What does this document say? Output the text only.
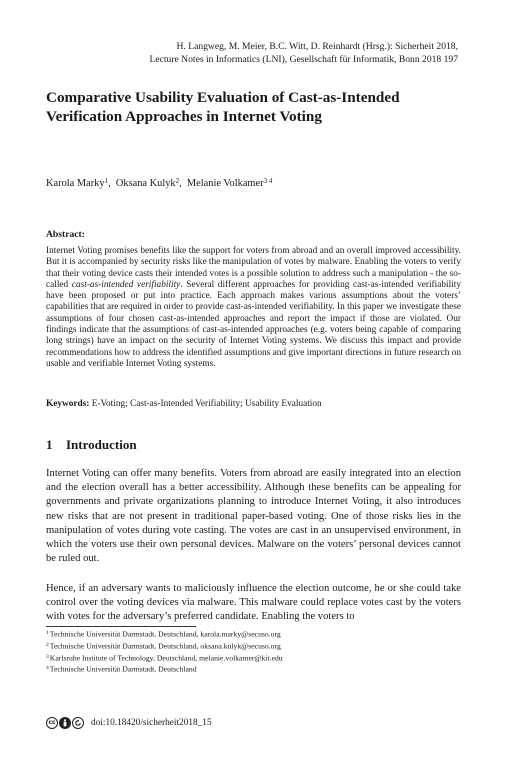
H. Langweg, M. Meier, B.C. Witt, D. Reinhardt (Hrsg.): Sicherheit 2018,
Lecture Notes in Informatics (LNI), Gesellschaft für Informatik, Bonn 2018 197
Comparative Usability Evaluation of Cast-as-Intended Verification Approaches in Internet Voting
Karola Marky$^1$,  Oksana Kulyk$^2$,  Melanie Volkamer$^{3 4}$
Abstract:
Internet Voting promises benefits like the support for voters from abroad and an overall improved accessibility. But it is accompanied by security risks like the manipulation of votes by malware. Enabling the voters to verify that their voting device casts their intended votes is a possible solution to address such a manipulation - the so-called cast-as-intended verifiability. Several different approaches for providing cast-as-intended verifiability have been proposed or put into practice. Each approach makes various assumptions about the voters’ capabilities that are required in order to provide cast-as-intended verifiability. In this paper we investigate these assumptions of four chosen cast-as-intended approaches and report the impact if those are violated. Our findings indicate that the assumptions of cast-as-intended approaches (e.g. voters being capable of comparing long strings) have an impact on the security of Internet Voting systems. We discuss this impact and provide recommendations how to address the identified assumptions and give important directions in future research on usable and verifiable Internet Voting systems.
Keywords: E-Voting; Cast-as-Intended Verifiability; Usability Evaluation
1 Introduction
Internet Voting can offer many benefits. Voters from abroad are easily integrated into an election and the election overall has a better accessibility. Although these benefits can be appealing for governments and private organizations planning to introduce Internet Voting, it also introduces new risks that are not present in traditional paper-based voting. One of those risks lies in the manipulation of votes during vote casting. The votes are cast in an unsupervised environment, in which the voters use their own personal devices. Malware on the voters’ personal devices cannot be ruled out.
Hence, if an adversary wants to maliciously influence the election outcome, he or she could take control over the voting devices via malware. This malware could replace votes cast by the voters with votes for the adversary’s preferred candidate. Enabling the voters to
$^1$Technische Universität Darmstadt, Deutschland, karola.marky@secuso.org
$^2$Technische Universität Darmstadt, Deutschland, oksana.kulyk@secuso.org
$^3$Karlsruhe Institute of Technology, Deutschland, melanie.volkamer@kit.edu
$^4$Technische Universität Darmstadt, Deutschland
cc	doi:10.18420/sicherheit2018_15
